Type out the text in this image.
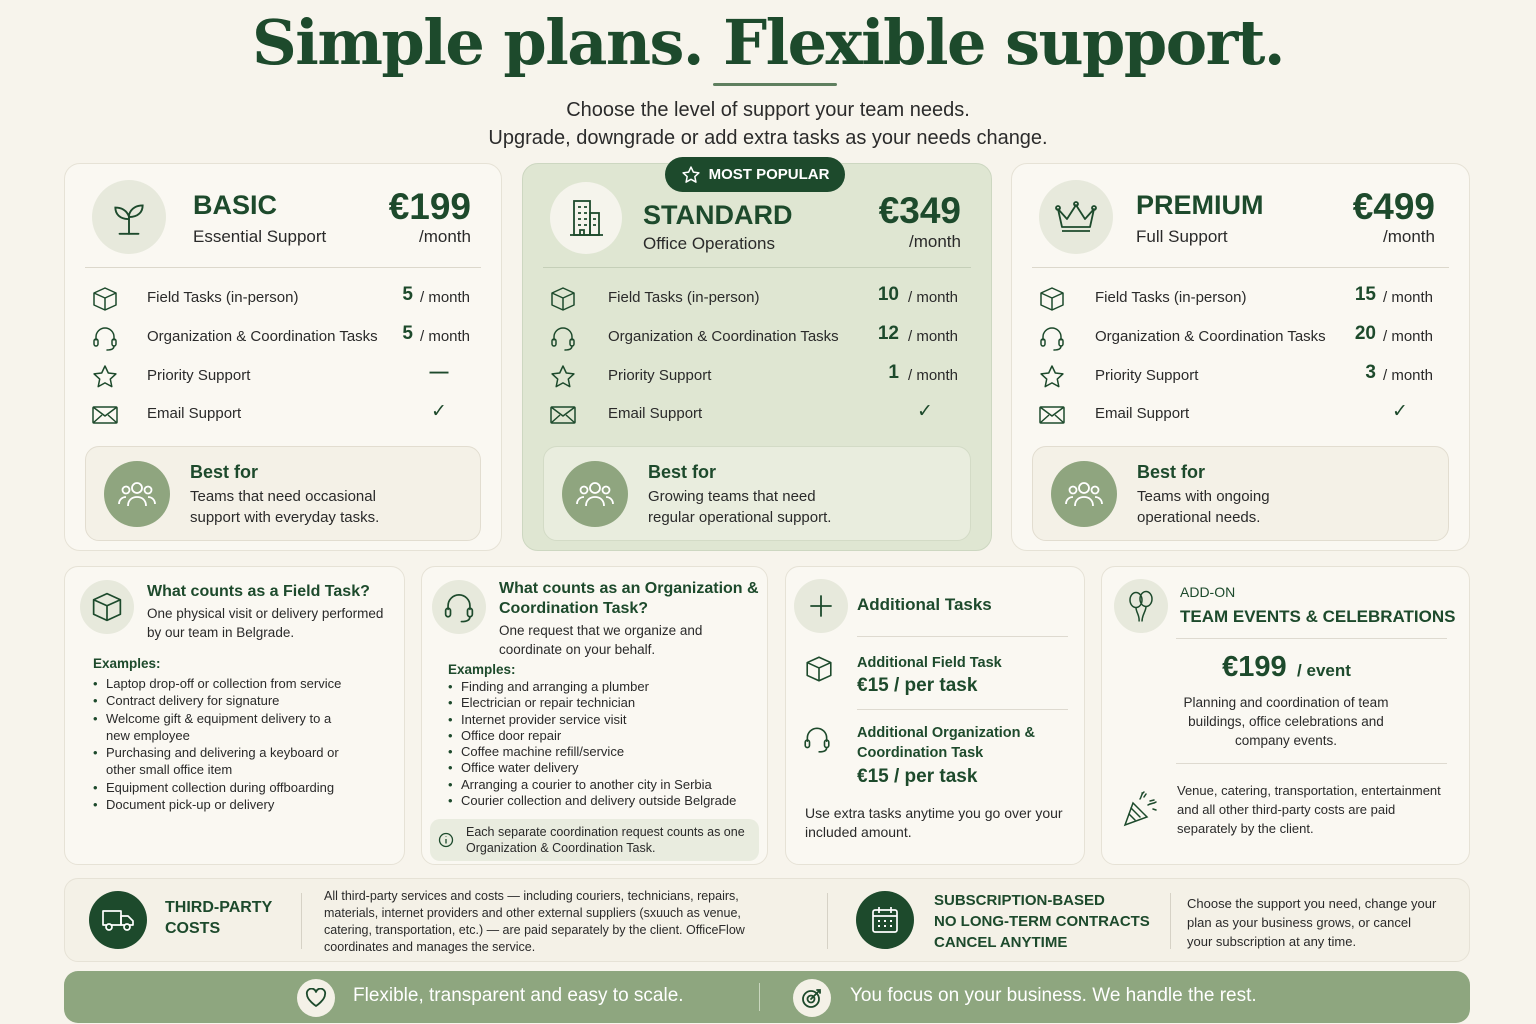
Simple plans. Flexible support.
Choose the level of support your team needs.
Upgrade, downgrade or add extra tasks as your needs change.
MOST POPULAR
BASIC
Essential Support
€199
/month
Field Tasks (in-person)	5 / month
Organization & Coordination Tasks	5 / month
Priority Support	—
Email Support	✓
Best for
Teams that need occasional support with everyday tasks.
STANDARD
Office Operations
€349
/month
Field Tasks (in-person)	10 / month
Organization & Coordination Tasks	12 / month
Priority Support	1 / month
Email Support	✓
Best for
Growing teams that need regular operational support.
PREMIUM
Full Support
€499
/month
Field Tasks (in-person)	15 / month
Organization & Coordination Tasks	20 / month
Priority Support	3 / month
Email Support	✓
Best for
Teams with ongoing operational needs.
What counts as a Field Task?
One physical visit or delivery performed by our team in Belgrade.
Examples:
• Laptop drop-off or collection from service
• Contract delivery for signature
• Welcome gift & equipment delivery to a new employee
• Purchasing and delivering a keyboard or other small office item
• Equipment collection during offboarding
• Document pick-up or delivery
What counts as an Organization & Coordination Task?
One request that we organize and coordinate on your behalf.
Examples:
• Finding and arranging a plumber
• Electrician or repair technician
• Internet provider service visit
• Office door repair
• Coffee machine refill/service
• Office water delivery
• Arranging a courier to another city in Serbia
• Courier collection and delivery outside Belgrade
Each separate coordination request counts as one Organization & Coordination Task.
Additional Tasks
Additional Field Task
€15 / per task
Additional Organization & Coordination Task
€15 / per task
Use extra tasks anytime you go over your included amount.
ADD-ON
TEAM EVENTS & CELEBRATIONS
€199 / event
Planning and coordination of team buildings, office celebrations and company events.
Venue, catering, transportation, entertainment and all other third-party costs are paid separately by the client.
THIRD-PARTY COSTS
All third-party services and costs — including couriers, technicians, repairs, materials, internet providers and other external suppliers (sxuuch as venue, catering, transportation, etc.) — are paid separately by the client. OfficeFlow coordinates and manages the service.
SUBSCRIPTION-BASED
NO LONG-TERM CONTRACTS
CANCEL ANYTIME
Choose the support you need, change your plan as your business grows, or cancel your subscription at any time.
Flexible, transparent and easy to scale.	You focus on your business. We handle the rest.
